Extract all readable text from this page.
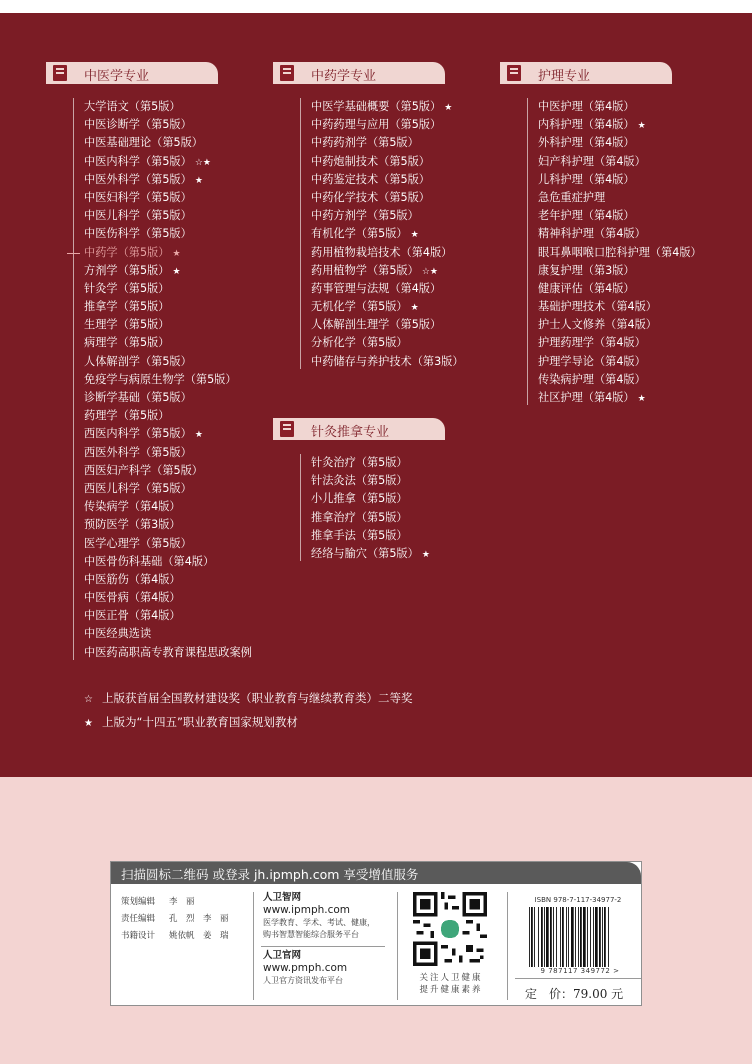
中医学专业
大学语文（第5版）
中医诊断学（第5版）
中医基础理论（第5版）
中医内科学（第5版） ☆★
中医外科学（第5版） ★
中医妇科学（第5版）
中医儿科学（第5版）
中医伤科学（第5版）
中药学（第5版） ★
方剂学（第5版） ★
针灸学（第5版）
推拿学（第5版）
生理学（第5版）
病理学（第5版）
人体解剖学（第5版）
免疫学与病原生物学（第5版）
诊断学基础（第5版）
药理学（第5版）
西医内科学（第5版） ★
西医外科学（第5版）
西医妇产科学（第5版）
西医儿科学（第5版）
传染病学（第4版）
预防医学（第3版）
医学心理学（第5版）
中医骨伤科基础（第4版）
中医筋伤（第4版）
中医骨病（第4版）
中医正骨（第4版）
中医经典选读
中医药高职高专教育课程思政案例
中药学专业
中医学基础概要（第5版） ★
中药药理与应用（第5版）
中药药剂学（第5版）
中药炮制技术（第5版）
中药鉴定技术（第5版）
中药化学技术（第5版）
中药方剂学（第5版）
有机化学（第5版） ★
药用植物栽培技术（第4版）
药用植物学（第5版） ☆★
药事管理与法规（第4版）
无机化学（第5版） ★
人体解剖生理学（第5版）
分析化学（第5版）
中药储存与养护技术（第3版）
针灸推拿专业
针灸治疗（第5版）
针法灸法（第5版）
小儿推拿（第5版）
推拿治疗（第5版）
推拿手法（第5版）
经络与腧穴（第5版） ★
护理专业
中医护理（第4版）
内科护理（第4版） ★
外科护理（第4版）
妇产科护理（第4版）
儿科护理（第4版）
急危重症护理
老年护理（第4版）
精神科护理（第4版）
眼耳鼻咽喉口腔科护理（第4版）
康复护理（第3版）
健康评估（第4版）
基础护理技术（第4版）
护士人文修养（第4版）
护理药理学（第4版）
护理学导论（第4版）
传染病护理（第4版）
社区护理（第4版） ★
☆ 上版获首届全国教材建设奖（职业教育与继续教育类）二等奖
★ 上版为“十四五”职业教育国家规划教材
扫描圆标二维码 或登录 jh.ipmph.com 享受增值服务
策划编辑 李　丽
责任编辑 孔　烈　李　丽
书籍设计 姚依帆　姜　瑞
人卫智网
www.ipmph.com
医学教育、学术、考试、健康，
购书智慧智能综合服务平台
人卫官网
www.pmph.com
人卫官方资讯发布平台	关注人卫健康
提升健康素养
ISBN 978-7-117-34977-2
9 787117 349772 >
定　价：79.00 元
